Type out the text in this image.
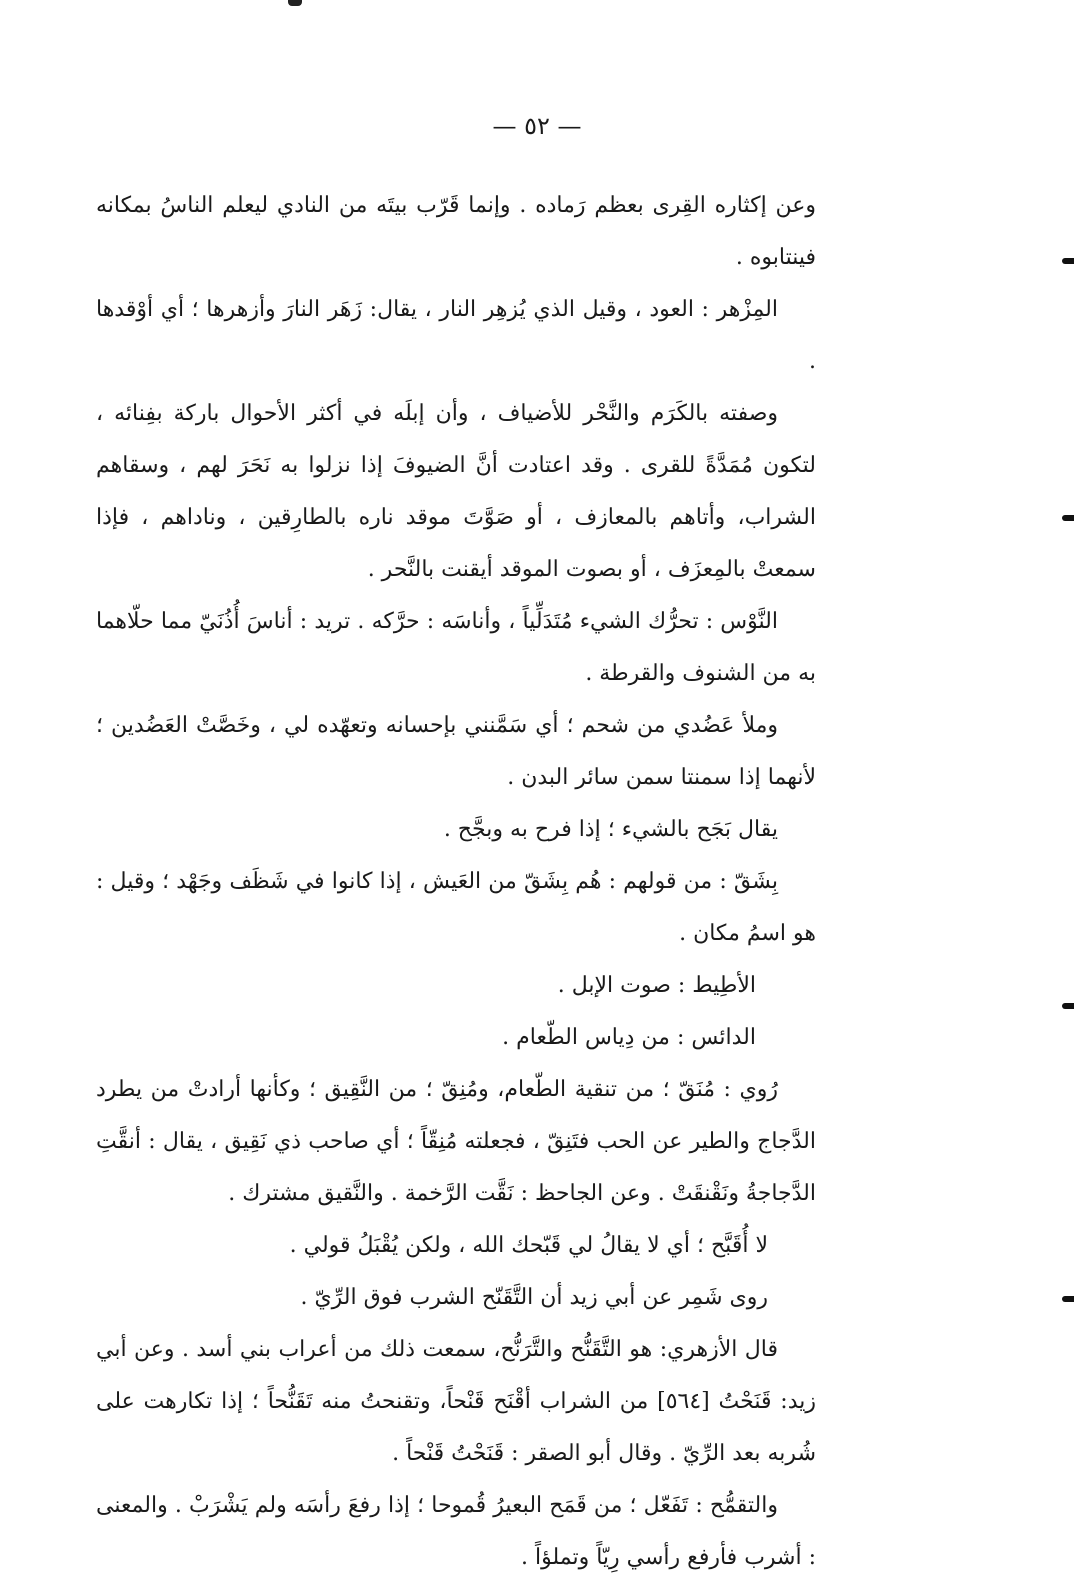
— ٥٢ —

وعن إكثاره القِرى بعظم رَماده . وإنما قَرّب بيتَه من النادي ليعلم الناسُ بمكانه فينتابوه .

المِزْهر : العود ، وقيل الذي يُزهِر النار ، يقال: زَهَر النارَ وأزهرها ؛ أي أوْقدها .

وصفته بالكَرَم والنَّحْر للأضياف ، وأن إبلَه في أكثر الأحوال باركة بفِنائه ، لتكون مُمَدَّةً للقرى . وقد اعتادت أنَّ الضيوفَ إذا نزلوا به نَحَرَ لهم ، وسقاهم الشراب، وأتاهم بالمعازف ، أو صَوَّتَ موقد ناره بالطارِقين ، وناداهم ، فإذا سمعتْ بالمِعزَف ، أو بصوت الموقد أيقنت بالنَّحر .

النَّوْس : تحرُّك الشيء مُتَدَلِّياً ، وأناسَه : حرَّكه . تريد : أناسَ أُذُنَيّ مما حلّاهما به من الشنوف والقرطة .

وملأ عَضُدي من شحم ؛ أي سَمَّنني بإحسانه وتعهّده لي ، وخَصَّتْ العَضُدين ؛ لأنهما إذا سمنتا سمن سائر البدن .

يقال بَجَح بالشيء ؛ إذا فرح به وبجَّح .

بِشَقّ : من قولهم : هُم بِشَقّ من العَيش ، إذا كانوا في شَظَف وجَهْد ؛ وقيل : هو اسمُ مكان .

الأطِيط : صوت الإبل .

الدائس : من دِياس الطّعام .

رُوي : مُنَقّ ؛ من تنقية الطّعام، ومُنِقّ ؛ من النَّقِيق ؛ وكأنها أرادتْ من يطرد الدَّجاج والطير عن الحب فتَنِقّ ، فجعلته مُنِقّاً ؛ أي صاحب ذي نَقِيق ، يقال : أنقَّتِ الدَّجاجةُ ونَقْنقَتْ . وعن الجاحظ : نَقَّت الرَّخمة . والنَّقيق مشترك .

لا أُقَبَّح ؛ أي لا يقالُ لي قَبّحك الله ، ولكن يُقْبَلُ قولي .

روى شَمِر عن أبي زيد أن التَّقَنّح الشرب فوق الرِّيّ .

قال الأزهري: هو التَّقَنُّح والتَّرَنُّح، سمعت ذلك من أعراب بني أسد . وعن أبي زيد: قَنَحْتُ [٥٦٤] من الشراب أقْنَح قَنْحاً، وتقنحتُ منه تَقَنُّحاً ؛ إذا تكارهت على شُربه بعد الرِّيّ . وقال أبو الصقر : قَنَحْتُ قَنْحاً .

والتقمُّح : تَفَعّل ؛ من قَمَح البعيرُ قُموحا ؛ إذا رفعَ رأسَه ولم يَشْرَبْ . والمعنى : أشرب فأرفع رأسي رِيّاً وتملؤاً .
